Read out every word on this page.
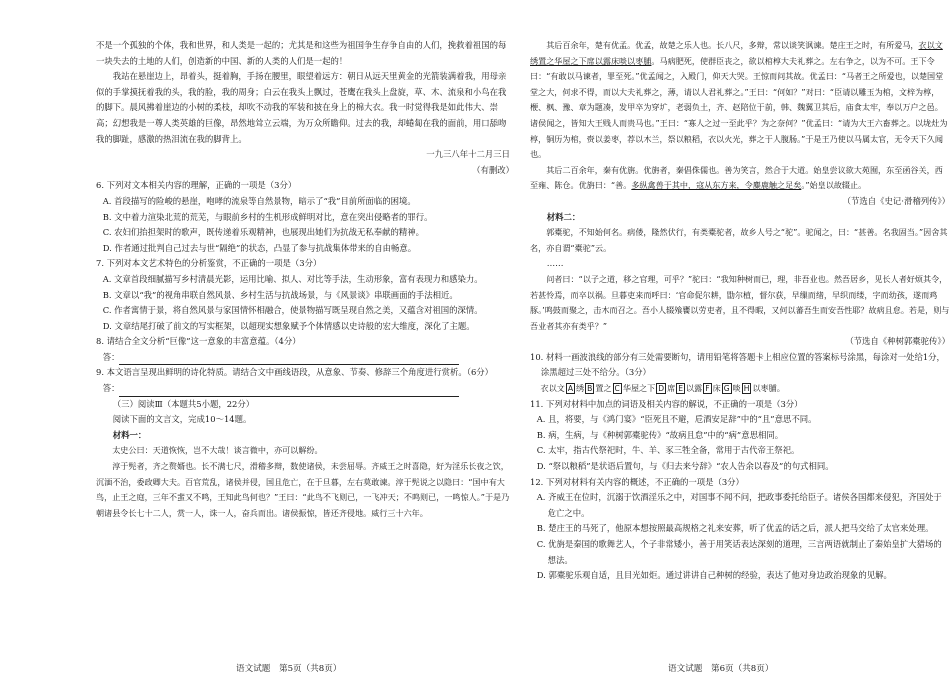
不是一个孤独的个体，我和世界，和人类是一起的；尤其是和这些为祖国争生存争自由的人们，挽救着祖国的每一块失去的土地的人们，创造新的中国、新的人类的人们是一起的！

我站在悬崖边上，昂着头，挺着胸，手扬在腰里，眼望着远方：朝日从远天里黄金的光箭装满着我，用母亲似的手掌摸抚着我的头，我的脸，我的周身；白云在我头上飘过，苍鹰在我头上盘旋，草、木、流泉和小鸟在我的脚下。晨风拂着崖边的小树的柔枝，却吹不动我的军装和披在身上的棉大衣。我一时觉得我是如此伟大、崇高；幻想我是一尊人类英雄的巨像，昂然地耸立云端，为万众所瞻仰。过去的我，却蜷匐在我的面前，用口舔吻我的脚趾，感激的热泪流在我的脚背上。

一九三八年十二月三日

（有删改）

6. 下列对文本相关内容的理解，正确的一项是（3分）

A. 首段描写的险峻的悬崖，咆哮的流泉等自然景物，暗示了“我”目前所面临的困境。

B. 文中着力渲染北荒的荒芜，与眼前乡村的生机形成鲜明对比，意在突出侵略者的罪行。

C. 农妇们抬担架时的歌声，既传递着乐观精神，也展现出她们为抗战无私奉献的精神。

D. 作者通过批判自己过去与世“隔绝”的状态，凸显了参与抗战集体带来的自由畅意。

7. 下列对本文艺术特色的分析鉴赏，不正确的一项是（3分）

A. 文章首段细腻描写乡村清晨光影，运用比喻、拟人、对比等手法，生动形象，富有表现力和感染力。

B. 文章以“我”的视角串联自然风景、乡村生活与抗战场景，与《风景谈》串联画面的手法相近。

C. 作者寓情于景，将自然风景与家国情怀相融合，使景物描写既呈现自然之美，又蕴含对祖国的深情。

D. 文章结尾打破了前文的写实框架，以超现实想象赋予个体情感以史诗般的宏大维度，深化了主题。

8. 请结合全文分析“巨像”这一意象的丰富意蕴。（4分）

答：

9. 本文语言呈现出鲜明的诗化特质。请结合文中画线语段，从意象、节奏、修辞三个角度进行赏析。（6分）

答：

（三）阅读Ⅲ（本题共5小题，22分）

阅读下面的文言文，完成10～14题。

材料一：

太史公曰：天道恢恢，岂不大哉！谈言微中，亦可以解纷。

淳于髡者，齐之赘婿也。长不满七尺，滑稽多辩，数使诸侯，未尝屈辱。齐威王之时喜隐，好为淫乐长夜之饮，沉湎不治，委政卿大夫。百官荒乱，诸侯并侵，国且危亡，在于旦暮，左右莫敢谏。淳于髡说之以隐曰：“国中有大鸟，止王之庭，三年不蜚又不鸣，王知此鸟何也？”王曰：“此鸟不飞则已，一飞冲天；不鸣则已，一鸣惊人。”于是乃朝诸县令长七十二人，赏一人，诛一人，奋兵而出。诸侯振惊，皆还齐侵地。威行三十六年。

其后百余年，楚有优孟。优孟，故楚之乐人也。长八尺，多辩，常以谈笑讽谏。楚庄王之时，有所爱马，衣以文绣置之华屋之下席以露床啖以枣脯。马病肥死，使群臣丧之，欲以棺椁大夫礼葬之。左右争之，以为不可。王下令曰：“有敢以马谏者，罪至死。”优孟闻之，入殿门，仰天大哭。王惊而问其故。优孟曰：“马者王之所爱也，以楚国堂堂之大，何求不得，而以大夫礼葬之，薄，请以人君礼葬之。”王曰：“何如？”对曰：“臣请以雕玉为棺，文梓为椁，楩、枫、豫、章为题凑，发甲卒为穿圹，老弱负土，齐、赵陪位于前，韩、魏翼卫其后，庙食太牢，奉以万户之邑。诸侯闻之，皆知大王贱人而贵马也。”王曰：“寡人之过一至此乎？为之奈何？”优孟曰：“请为大王六畜葬之。以垅灶为椁，铜历为棺，赍以姜枣，荐以木兰，祭以粮稻，衣以火光，葬之于人腹肠。”于是王乃使以马属太官，无令天下久闻也。

其后二百余年，秦有优旃。优旃者，秦倡侏儒也。善为笑言，然合于大道。始皇尝议欲大苑囿，东至函谷关，西至雍、陈仓。优旃曰：“善。多纵禽兽于其中，寇从东方来，令麋鹿触之足矣。”始皇以故辍止。

（节选自《史记·滑稽列传》）

材料二：

郭橐驼，不知始何名。病偻，隆然伏行，有类橐驼者，故乡人号之“驼”。驼闻之，曰：“甚善。名我固当。”因舍其名，亦自谓“橐驼”云。

……

问者曰：“以子之道，移之官理，可乎？”驼曰：“我知种树而已，理，非吾业也。然吾居乡，见长人者好烦其令，若甚怜焉，而卒以祸。旦暮吏来而呼曰：‘官命促尔耕，勖尔植，督尔获，早缫而绪，早织而缕，字而幼孩，遂而鸡豚。’鸣鼓而聚之，击木而召之。吾小人辍飧饔以劳吏者，且不得暇，又何以蕃吾生而安吾性耶？故病且怠。若是，则与吾业者其亦有类乎？”

（节选自《种树郭橐驼传》）

10. 材料一画波浪线的部分有三处需要断句，请用铅笔将答题卡上相应位置的答案标号涂黑，每涂对一处给1分，涂黑超过三处不给分。（3分）

衣以文 A 绣 B 置之 C 华屋之下 D 席 E 以露 F 床 G 啖 H 以枣脯。

11. 下列对材料中加点的词语及相关内容的解说，不正确的一项是（3分）

A. 且，将要，与《鸿门宴》“臣死且不避，卮酒安足辞”中的“且”意思不同。

B. 病，生病，与《种树郭橐驼传》“故病且怠”中的“病”意思相同。

C. 太牢，指古代祭祀时，牛、羊、豕三牲全备，常用于古代帝王祭祀。

D. “祭以粮稻”是状语后置句，与《归去来兮辞》“农人告余以春及”的句式相同。

12. 下列对材料有关内容的概述，不正确的一项是（3分）

A. 齐威王在位时，沉溺于饮酒淫乐之中，对国事不闻不问，把政事委托给臣子。诸侯各国都来侵犯，齐国处于危亡之中。

B. 楚庄王的马死了，他原本想按照最高规格之礼来安葬，听了优孟的话之后，派人把马交给了太官来处理。

C. 优旃是秦国的歌舞艺人，个子非常矮小，善于用笑话表达深刻的道理，三言两语就制止了秦始皇扩大猎场的想法。

D. 郭橐驼乐观自适，且目光如炬。通过讲讲自己种树的经验，表达了他对身边政治现象的见解。

语文试题　第5页（共8页）	语文试题　第6页（共8页）
